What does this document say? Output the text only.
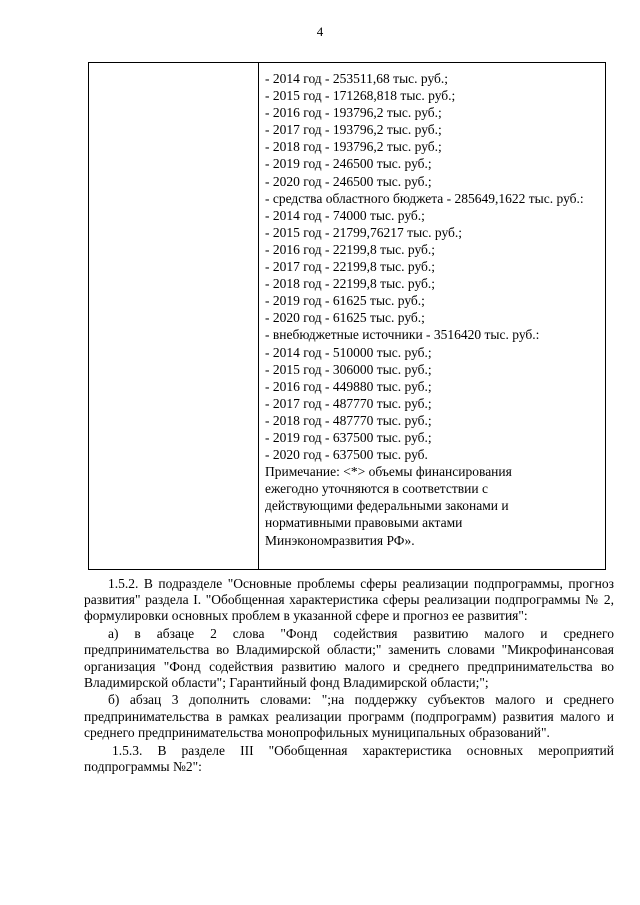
4
- 2014 год - 253511,68 тыс. руб.;
- 2015 год - 171268,818 тыс. руб.;
- 2016 год - 193796,2 тыс. руб.;
- 2017 год - 193796,2 тыс. руб.;
- 2018 год - 193796,2 тыс. руб.;
- 2019 год - 246500 тыс. руб.;
- 2020 год - 246500 тыс. руб.;
- средства областного бюджета - 285649,1622 тыс. руб.:
- 2014 год - 74000 тыс. руб.;
- 2015 год - 21799,76217 тыс. руб.;
- 2016 год - 22199,8 тыс. руб.;
- 2017 год - 22199,8 тыс. руб.;
- 2018 год - 22199,8 тыс. руб.;
- 2019 год - 61625 тыс. руб.;
- 2020 год - 61625 тыс. руб.;
- внебюджетные источники - 3516420 тыс. руб.:
- 2014 год - 510000 тыс. руб.;
- 2015 год - 306000 тыс. руб.;
- 2016 год - 449880 тыс. руб.;
- 2017 год - 487770 тыс. руб.;
- 2018 год - 487770 тыс. руб.;
- 2019 год - 637500 тыс. руб.;
- 2020 год - 637500 тыс. руб.
Примечание: <*> объемы финансирования
ежегодно уточняются в соответствии с
действующими федеральными законами и
нормативными правовыми актами
Минэкономразвития РФ».

1.5.2. В подразделе "Основные проблемы сферы реализации подпрограммы, прогноз развития" раздела I. "Обобщенная характеристика сферы реализации подпрограммы № 2, формулировки основных проблем в указанной сфере и прогноз ее развития":

а) в абзаце 2 слова "Фонд содействия развитию малого и среднего предпринимательства во Владимирской области;" заменить словами "Микрофинансовая организация "Фонд содействия развитию малого и среднего предпринимательства во Владимирской области"; Гарантийный фонд Владимирской области;";

б) абзац 3 дополнить словами: ";на поддержку субъектов малого и среднего предпринимательства в рамках реализации программ (подпрограмм) развития малого и среднего предпринимательства монопрофильных муниципальных образований".

1.5.3. В разделе III "Обобщенная характеристика основных мероприятий подпрограммы №2":
